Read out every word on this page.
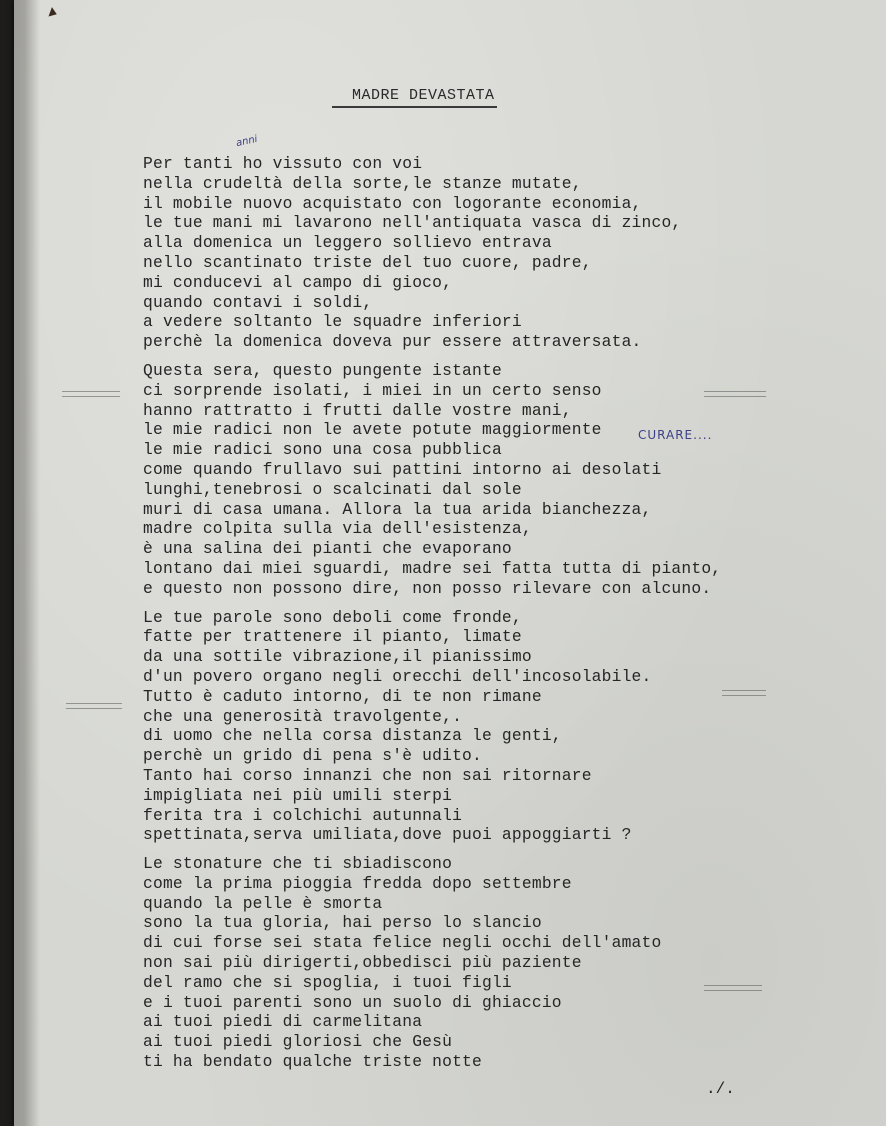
MADRE DEVASTATA
anni
CURARE....
Per tanti ho vissuto con voi
nella crudeltà della sorte,le stanze mutate,
il mobile nuovo acquistato con logorante economia,
le tue mani mi lavarono nell'antiquata vasca di zinco,
alla domenica un leggero sollievo entrava
nello scantinato triste del tuo cuore, padre,
mi conducevi al campo di gioco,
quando contavi i soldi,
a vedere soltanto le squadre inferiori
perchè la domenica doveva pur essere attraversata.
Questa sera, questo pungente istante
ci sorprende isolati, i miei in un certo senso
hanno rattratto i frutti dalle vostre mani,
le mie radici non le avete potute maggiormente
le mie radici sono una cosa pubblica
come quando frullavo sui pattini intorno ai desolati
lunghi,tenebrosi o scalcinati dal sole
muri di casa umana. Allora la tua arida bianchezza,
madre colpita sulla via dell'esistenza,
è una salina dei pianti che evaporano
lontano dai miei sguardi, madre sei fatta tutta di pianto,
e questo non possono dire, non posso rilevare con alcuno.
Le tue parole sono deboli come fronde,
fatte per trattenere il pianto, limate
da una sottile vibrazione,il pianissimo
d'un povero organo negli orecchi dell'incosolabile.
Tutto è caduto intorno, di te non rimane
che una generosità travolgente,.
di uomo che nella corsa distanza le genti,
perchè un grido di pena s'è udito.
Tanto hai corso innanzi che non sai ritornare
impigliata nei più umili sterpi
ferita tra i colchichi autunnali
spettinata,serva umiliata,dove puoi appoggiarti ?
Le stonature che ti sbiadiscono
come la prima pioggia fredda dopo settembre
quando la pelle è smorta
sono la tua gloria, hai perso lo slancio
di cui forse sei stata felice negli occhi dell'amato
non sai più dirigerti,obbedisci più paziente
del ramo che si spoglia, i tuoi figli
e i tuoi parenti sono un suolo di ghiaccio
ai tuoi piedi di carmelitana
ai tuoi piedi gloriosi che Gesù
ti ha bendato qualche triste notte
./.
